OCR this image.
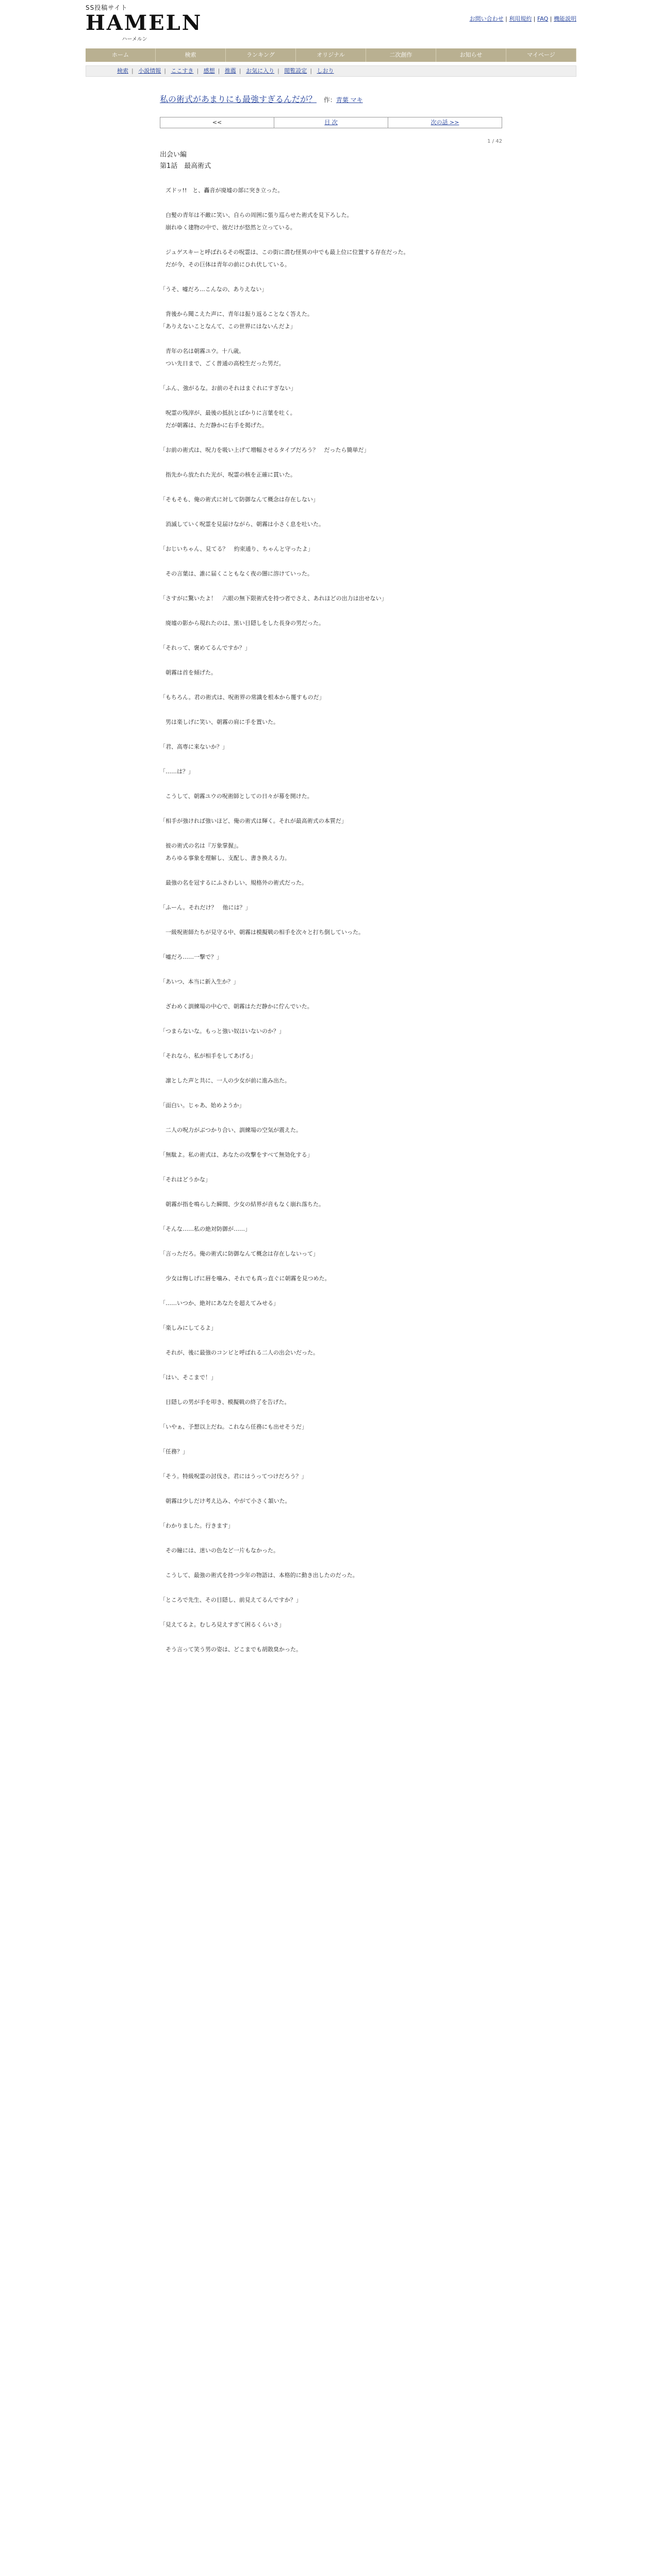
SS投稿サイト
HAMELN
ハーメルン
お問い合わせ | 利用規約 | FAQ | 機能説明
ホーム	検索	ランキング	オリジナル	二次創作	お知らせ	マイページ
検索 | 小説情報 | ここすき | 感想 | 推薦 | お気に入り | 閲覧設定 | しおり
私の術式があまりにも最強すぎるんだが？ 作：青葉 マキ
<<	目 次	次の話 >>
1 / 42
出会い編
第1話　最高術式

　ズドッ!!　と、轟音が廃墟の部に突き立った。

　白髪の青年は不敵に笑い、自らの周囲に張り巡らせた術式を見下ろした。

　崩れゆく建物の中で、彼だけが悠然と立っている。

　ジュゲスキーと呼ばれるその呪霊は、この街に潜む怪異の中でも最上位に位置する存在だった。

　だが今、その巨体は青年の前にひれ伏している。

「うそ、嘘だろ…こんなの、ありえない」

　背後から聞こえた声に、青年は振り返ることなく答えた。

「ありえないことなんて、この世界にはないんだよ」

　青年の名は朝霧ユウ。十八歳。

　つい先日まで、ごく普通の高校生だった男だ。

「ふん、強がるな。お前のそれはまぐれにすぎない」

　呪霊の残滓が、最後の抵抗とばかりに言葉を吐く。

　だが朝霧は、ただ静かに右手を掲げた。

「お前の術式は、呪力を吸い上げて増幅させるタイプだろう？　だったら簡単だ」

　指先から放たれた光が、呪霊の核を正確に貫いた。

「そもそも、俺の術式に対して防御なんて概念は存在しない」

　消滅していく呪霊を見届けながら、朝霧は小さく息を吐いた。

「おじいちゃん、見てる？　約束通り、ちゃんと守ったよ」

　その言葉は、誰に届くこともなく夜の闇に溶けていった。

「さすがに驚いたよ！　六眼の無下限術式を持つ者でさえ、あれほどの出力は出せない」

　廃墟の影から現れたのは、黒い目隠しをした長身の男だった。

「それって、褒めてるんですか？」

　朝霧は首を傾げた。

「もちろん。君の術式は、呪術界の常識を根本から覆すものだ」

　男は楽しげに笑い、朝霧の肩に手を置いた。

「君、高専に来ないか？」

「……は？」

　こうして、朝霧ユウの呪術師としての日々が幕を開けた。

「相手が強ければ強いほど、俺の術式は輝く。それが最高術式の本質だ」

　彼の術式の名は『万象掌握』。

　あらゆる事象を理解し、支配し、書き換える力。

　最強の名を冠するにふさわしい、規格外の術式だった。

「ふーん。それだけ？　他には？」

　一級呪術師たちが見守る中、朝霧は模擬戦の相手を次々と打ち倒していった。

「嘘だろ……一撃で？」

「あいつ、本当に新入生か？」

　ざわめく訓練場の中心で、朝霧はただ静かに佇んでいた。

「つまらないな。もっと強い奴はいないのか？」

「それなら、私が相手をしてあげる」

　凛とした声と共に、一人の少女が前に進み出た。

「面白い。じゃあ、始めようか」

　二人の呪力がぶつかり合い、訓練場の空気が震えた。

「無駄よ。私の術式は、あなたの攻撃をすべて無効化する」

「それはどうかな」

　朝霧が指を鳴らした瞬間、少女の結界が音もなく崩れ落ちた。

「そんな……私の絶対防御が……」

「言っただろ。俺の術式に防御なんて概念は存在しないって」

　少女は悔しげに唇を噛み、それでも真っ直ぐに朝霧を見つめた。

「……いつか、絶対にあなたを超えてみせる」

「楽しみにしてるよ」

　それが、後に最強のコンビと呼ばれる二人の出会いだった。

「はい、そこまで！」

　目隠しの男が手を叩き、模擬戦の終了を告げた。

「いやぁ、予想以上だね。これなら任務にも出せそうだ」

「任務？」

「そう。特級呪霊の討伐さ。君にはうってつけだろう？」

　朝霧は少しだけ考え込み、やがて小さく頷いた。

「わかりました。行きます」

　その瞳には、迷いの色など一片もなかった。

　こうして、最強の術式を持つ少年の物語は、本格的に動き出したのだった。

「ところで先生、その目隠し、前見えてるんですか？」

「見えてるよ。むしろ見えすぎて困るくらいさ」

　そう言って笑う男の姿は、どこまでも胡散臭かった。
